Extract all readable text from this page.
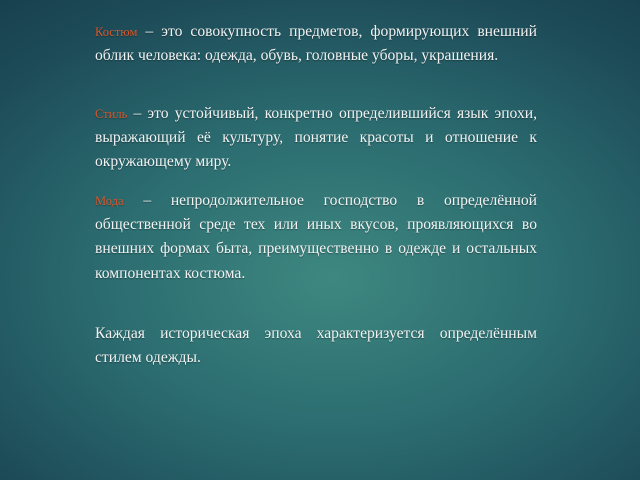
Костюм – это совокупность предметов, формирующих внешний облик человека: одежда, обувь, головные уборы, украшения.

Стиль – это устойчивый, конкретно определившийся язык эпохи, выражающий её культуру, понятие красоты и отношение к окружающему миру.

Мода – непродолжительное господство в определённой общественной среде тех или иных вкусов, проявляющихся во внешних формах быта, преимущественно в одежде и остальных компонентах костюма.

Каждая историческая эпоха характеризуется определённым стилем одежды.
